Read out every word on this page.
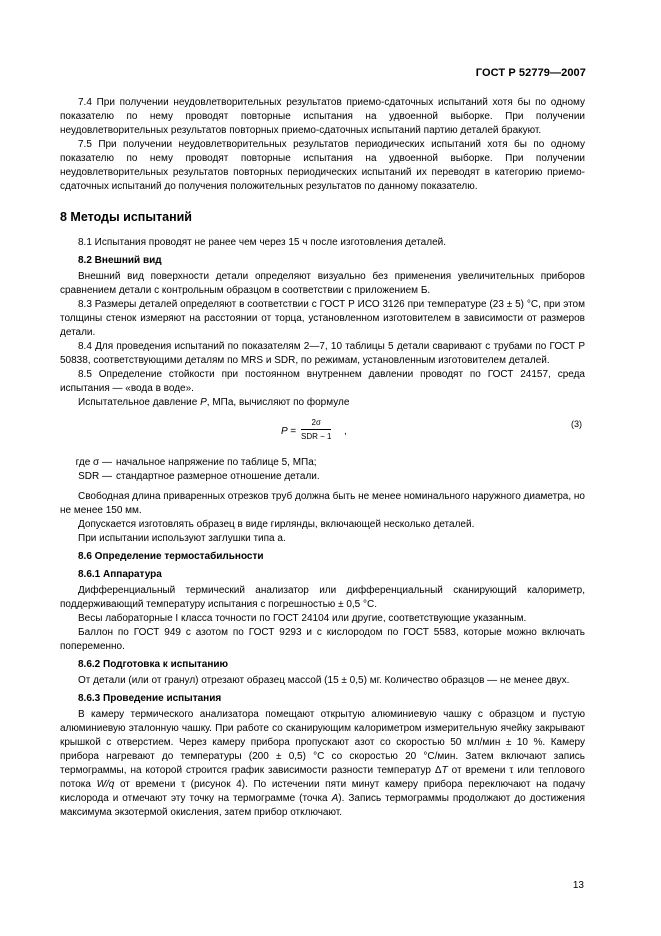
ГОСТ Р 52779—2007

7.4 При получении неудовлетворительных результатов приемо-сдаточных испытаний хотя бы по одному показателю по нему проводят повторные испытания на удвоенной выборке. При получении неудовлетворительных результатов повторных приемо-сдаточных испытаний партию деталей бракуют.

7.5 При получении неудовлетворительных результатов периодических испытаний хотя бы по одному показателю по нему проводят повторные испытания на удвоенной выборке. При получении неудовлетворительных результатов повторных периодических испытаний их переводят в категорию приемо-сдаточных испытаний до получения положительных результатов по данному показателю.

8 Методы испытаний

8.1 Испытания проводят не ранее чем через 15 ч после изготовления деталей.

8.2 Внешний вид

Внешний вид поверхности детали определяют визуально без применения увеличительных приборов сравнением детали с контрольным образцом в соответствии с приложением Б.

8.3 Размеры деталей определяют в соответствии с ГОСТ Р ИСО 3126 при температуре (23 ± 5) °С, при этом толщины стенок измеряют на расстоянии от торца, установленном изготовителем в зависимости от размеров детали.

8.4 Для проведения испытаний по показателям 2—7, 10 таблицы 5 детали сваривают с трубами по ГОСТ Р 50838, соответствующими деталям по MRS и SDR, по режимам, установленным изготовителем деталей.

8.5 Определение стойкости при постоянном внутреннем давлении проводят по ГОСТ 24157, среда испытания — «вода в воде».

Испытательное давление P, МПа, вычисляют по формуле

P =
2σ
SDR − 1 ,
(3)
где σ — начальное напряжение по таблице 5, МПа;
SDR — стандартное размерное отношение детали.

Свободная длина приваренных отрезков труб должна быть не менее номинального наружного диаметра, но не менее 150 мм.

Допускается изготовлять образец в виде гирлянды, включающей несколько деталей.

При испытании используют заглушки типа а.

8.6 Определение термостабильности
8.6.1 Аппаратура

Дифференциальный термический анализатор или дифференциальный сканирующий калориметр, поддерживающий температуру испытания с погрешностью ± 0,5 °С.

Весы лабораторные I класса точности по ГОСТ 24104 или другие, соответствующие указанным.

Баллон по ГОСТ 949 с азотом по ГОСТ 9293 и с кислородом по ГОСТ 5583, которые можно включать попеременно.

8.6.2 Подготовка к испытанию

От детали (или от гранул) отрезают образец массой (15 ± 0,5) мг. Количество образцов — не менее двух.

8.6.3 Проведение испытания

В камеру термического анализатора помещают открытую алюминиевую чашку с образцом и пустую алюминиевую эталонную чашку. При работе со сканирующим калориметром измерительную ячейку закрывают крышкой с отверстием. Через камеру прибора пропускают азот со скоростью 50 мл/мин ± 10 %. Камеру прибора нагревают до температуры (200 ± 0,5) °С со скоростью 20 °С/мин. Затем включают запись термограммы, на которой строится график зависимости разности температур ΔT от времени τ или теплового потока W/q от времени τ (рисунок 4). По истечении пяти минут камеру прибора переключают на подачу кислорода и отмечают эту точку на термограмме (точка A). Запись термограммы продолжают до достижения максимума экзотермой окисления, затем прибор отключают.

13
